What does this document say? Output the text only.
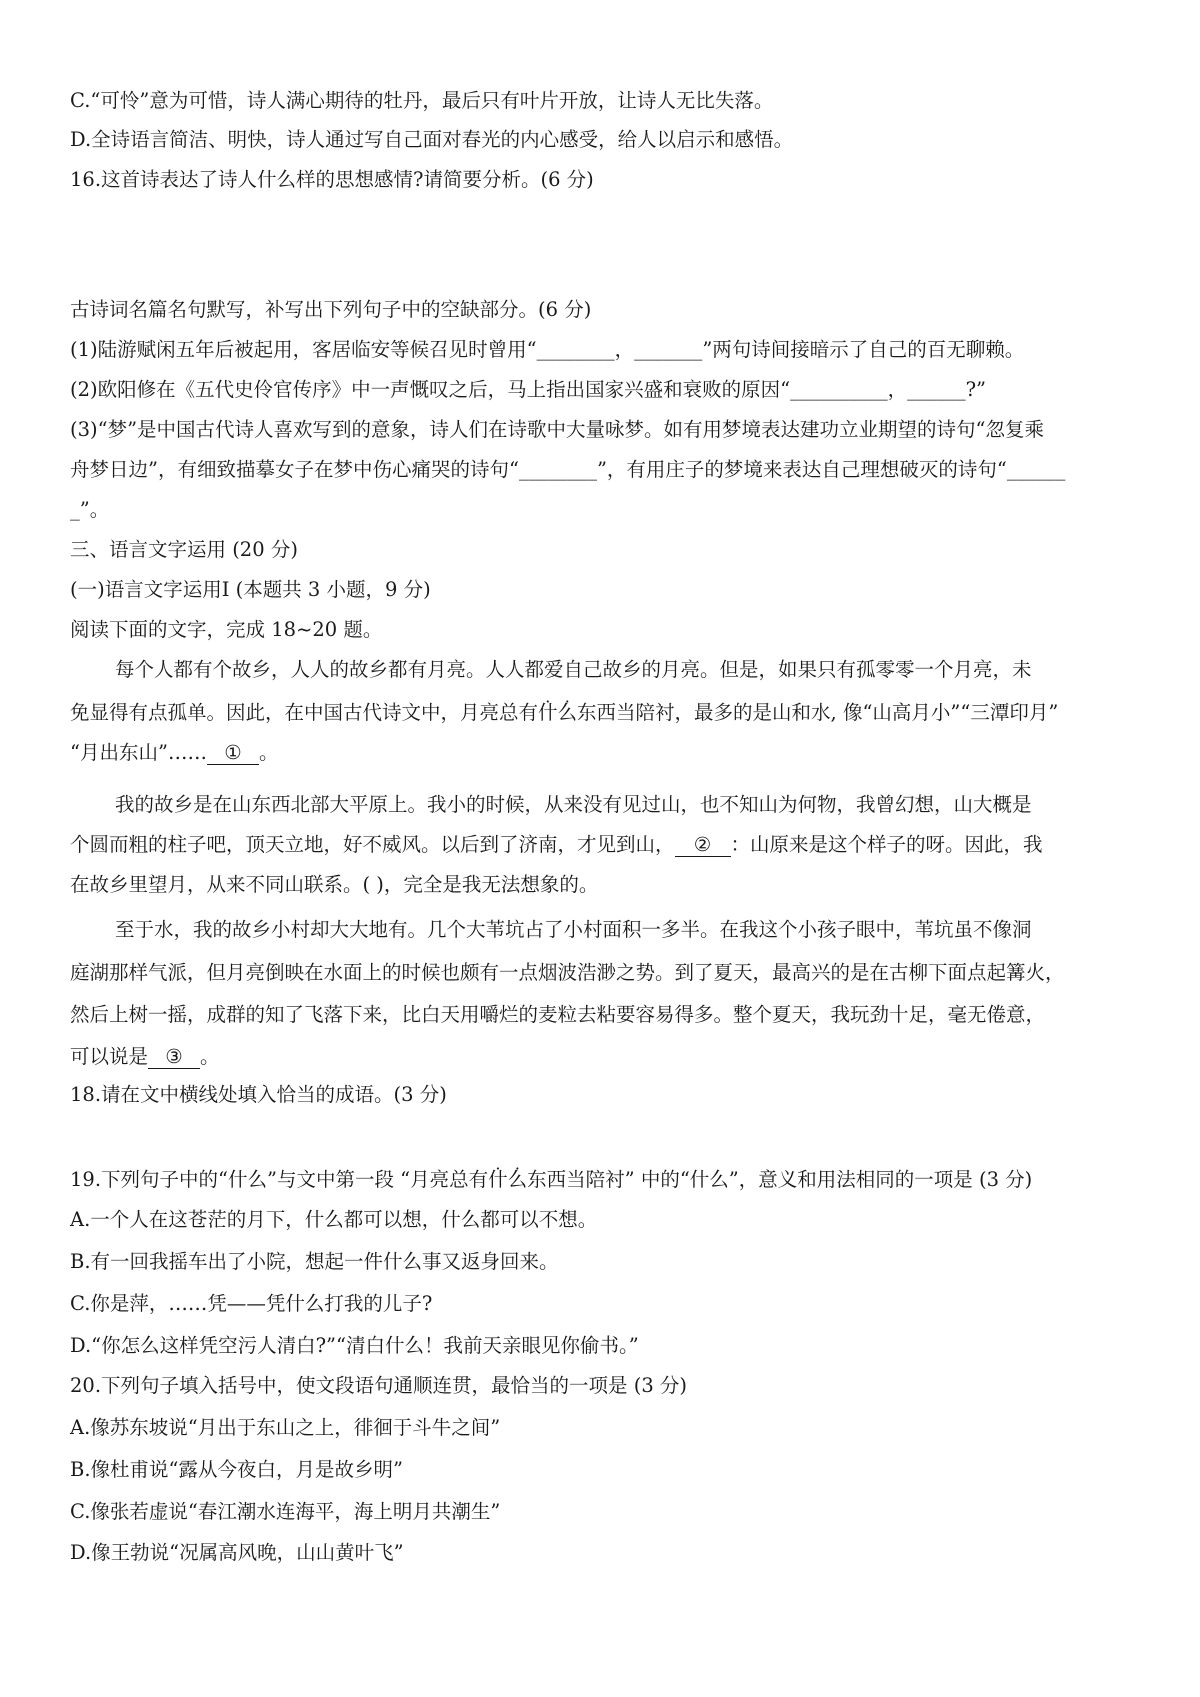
C.“可怜”意为可惜，诗人满心期待的牡丹，最后只有叶片开放，让诗人无比失落。
D.全诗语言简洁、明快，诗人通过写自己面对春光的内心感受，给人以启示和感悟。
16.这首诗表达了诗人什么样的思想感情?请简要分析。(6 分)
古诗词名篇名句默写，补写出下列句子中的空缺部分。(6 分)
(1)陆游赋闲五年后被起用，客居临安等候召见时曾用“________，_______”两句诗间接暗示了自己的百无聊赖。
(2)欧阳修在《五代史伶官传序》中一声慨叹之后，马上指出国家兴盛和衰败的原因“__________，______?”
(3)“梦”是中国古代诗人喜欢写到的意象，诗人们在诗歌中大量咏梦。如有用梦境表达建功立业期望的诗句“忽复乘
舟梦日边”，有细致描摹女子在梦中伤心痛哭的诗句“________”，有用庄子的梦境来表达自己理想破灭的诗句“______
_”。
三、语言文字运用 (20 分)
(一)语言文字运用Ⅰ (本题共 3 小题，9 分)
阅读下面的文字，完成 18~20 题。
每个人都有个故乡，人人的故乡都有月亮。人人都爱自己故乡的月亮。但是，如果只有孤零零一个月亮，未
免显得有点孤单。因此，在中国古代诗文中，月亮总有什么东西当陪衬，最多的是山和水, 像“山高月小”“三潭印月”
“月出东山”…… ① 。
我的故乡是在山东西北部大平原上。我小的时候，从来没有见过山，也不知山为何物，我曾幻想，山大概是
个圆而粗的柱子吧，顶天立地，好不威风。以后到了济南，才见到山， ② ：山原来是这个样子的呀。因此，我
在故乡里望月，从来不同山联系。( )，完全是我无法想象的。
至于水，我的故乡小村却大大地有。几个大苇坑占了小村面积一多半。在我这个小孩子眼中，苇坑虽不像洞
庭湖那样气派，但月亮倒映在水面上的时候也颇有一点烟波浩渺之势。到了夏天，最高兴的是在古柳下面点起篝火，
然后上树一摇，成群的知了飞落下来，比白天用嚼烂的麦粒去粘要容易得多。整个夏天，我玩劲十足，毫无倦意，
可以说是 ③ 。
18.请在文中横线处填入恰当的成语。(3 分)
19.下列句子中的“什么”与文中第一段 “月亮总有什么东西当陪衬” 中的“什么”，意义和用法相同的一项是 (3 分)
A.一个人在这苍茫的月下，什么都可以想，什么都可以不想。
B.有一回我摇车出了小院，想起一件什么事又返身回来。
C.你是萍，……凭——凭什么打我的儿子?
D.“你怎么这样凭空污人清白?”“清白什么！我前天亲眼见你偷书。”
20.下列句子填入括号中，使文段语句通顺连贯，最恰当的一项是 (3 分)
A.像苏东坡说“月出于东山之上，徘徊于斗牛之间”
B.像杜甫说“露从今夜白，月是故乡明”
C.像张若虚说“春江潮水连海平，海上明月共潮生”
D.像王勃说“况属高风晚，山山黄叶飞”
